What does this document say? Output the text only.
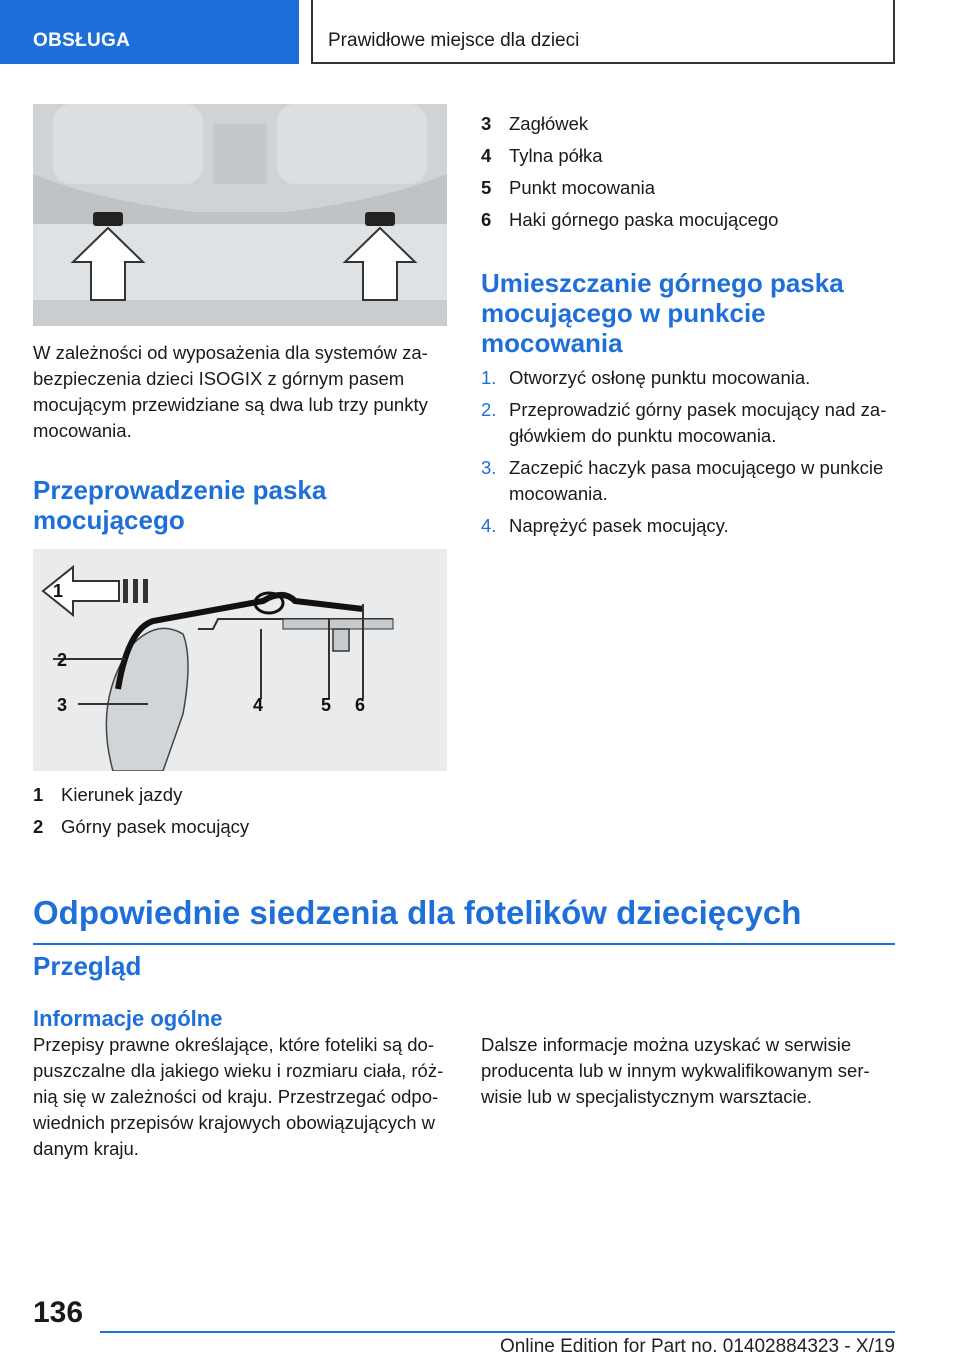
OBSŁUGA	Prawidłowe miejsce dla dzieci

W zależności od wyposażenia dla systemów zabezpieczenia dzieci ISOGIX z górnym pasem mocującym przewidziane są dwa lub trzy punkty mocowania.

Przeprowadzenie paska mocującego
1
2
3	4	5 6
1 Kierunek jazdy
2 Górny pasek mocujący
3 Zagłówek
4 Tylna półka
5 Punkt mocowania
6 Haki górnego paska mocującego
Umieszczanie górnego paska mocującego w punkcie mocowania
1. Otworzyć osłonę punktu mocowania.
2. Przeprowadzić górny pasek mocujący nad zagłówkiem do punktu mocowania.
3. Zaczepić haczyk pasa mocującego w punkcie mocowania.
4. Naprężyć pasek mocujący.
Odpowiednie siedzenia dla fotelików dziecięcych
Przegląd
Informacje ogólne

Przepisy prawne określające, które foteliki są dopuszczalne dla jakiego wieku i rozmiaru ciała, różnią się w zależności od kraju. Przestrzegać odpowiednich przepisów krajowych obowiązujących w danym kraju.

Dalsze informacje można uzyskać w serwisie producenta lub w innym wykwalifikowanym serwisie lub w specjalistycznym warsztacie.

136
Online Edition for Part no. 01402884323 - X/19
